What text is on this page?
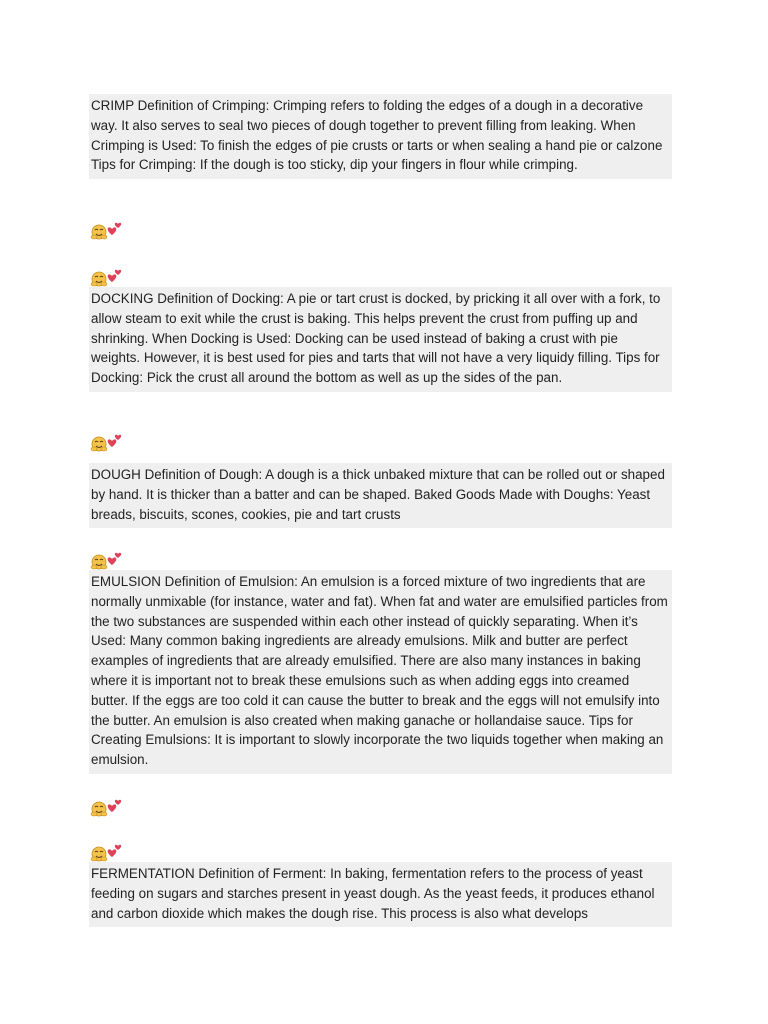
CRIMP Definition of Crimping: Crimping refers to folding the edges of a dough in a decorative way. It also serves to seal two pieces of dough together to prevent filling from leaking. When Crimping is Used: To finish the edges of pie crusts or tarts or when sealing a hand pie or calzone Tips for Crimping: If the dough is too sticky, dip your fingers in flour while crimping.
DOCKING Definition of Docking: A pie or tart crust is docked, by pricking it all over with a fork, to allow steam to exit while the crust is baking. This helps prevent the crust from puffing up and shrinking. When Docking is Used: Docking can be used instead of baking a crust with pie weights. However, it is best used for pies and tarts that will not have a very liquidy filling. Tips for Docking: Pick the crust all around the bottom as well as up the sides of the pan.
DOUGH Definition of Dough: A dough is a thick unbaked mixture that can be rolled out or shaped by hand. It is thicker than a batter and can be shaped. Baked Goods Made with Doughs: Yeast breads, biscuits, scones, cookies, pie and tart crusts
EMULSION Definition of Emulsion: An emulsion is a forced mixture of two ingredients that are normally unmixable (for instance, water and fat). When fat and water are emulsified particles from the two substances are suspended within each other instead of quickly separating. When it’s Used: Many common baking ingredients are already emulsions. Milk and butter are perfect examples of ingredients that are already emulsified. There are also many instances in baking where it is important not to break these emulsions such as when adding eggs into creamed butter. If the eggs are too cold it can cause the butter to break and the eggs will not emulsify into the butter. An emulsion is also created when making ganache or hollandaise sauce. Tips for Creating Emulsions: It is important to slowly incorporate the two liquids together when making an emulsion.
FERMENTATION Definition of Ferment: In baking, fermentation refers to the process of yeast feeding on sugars and starches present in yeast dough. As the yeast feeds, it produces ethanol and carbon dioxide which makes the dough rise. This process is also what develops
